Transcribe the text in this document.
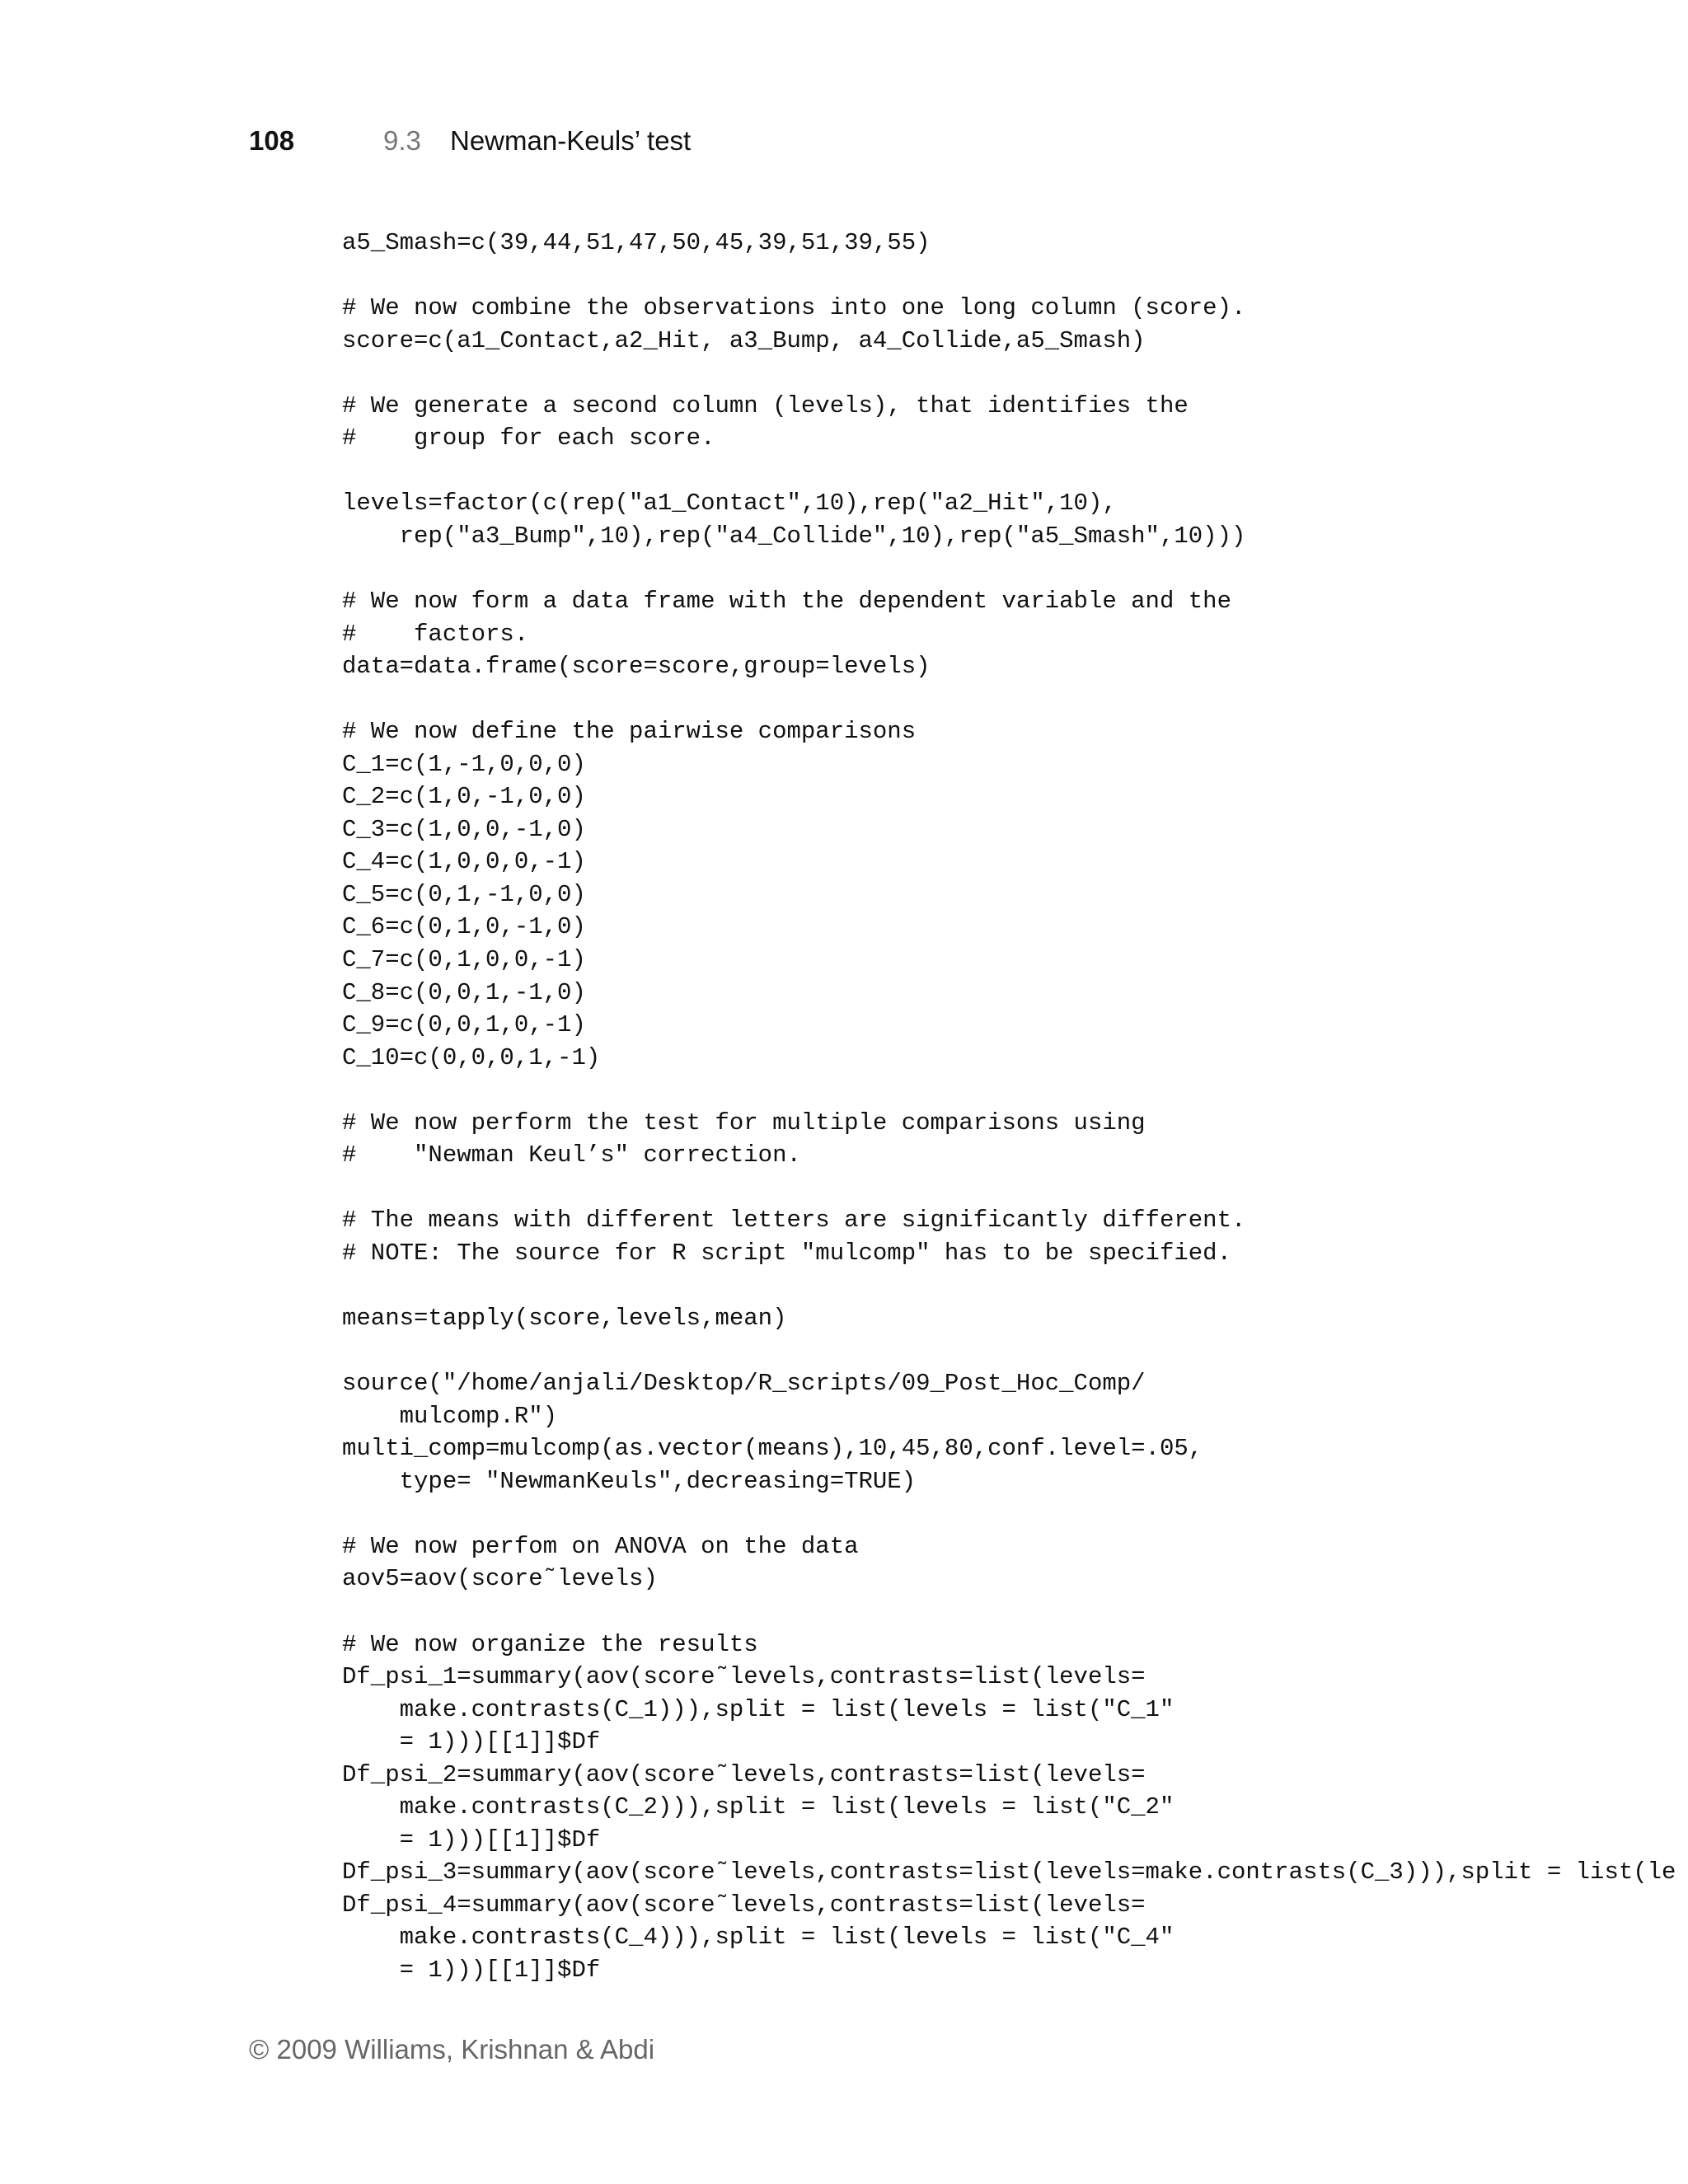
108	9.3 Newman-Keuls’ test
a5_Smash=c(39,44,51,47,50,45,39,51,39,55)
# We now combine the observations into one long column (score).
score=c(a1_Contact,a2_Hit, a3_Bump, a4_Collide,a5_Smash)
# We generate a second column (levels), that identifies the
#    group for each score.
levels=factor(c(rep("a1_Contact",10),rep("a2_Hit",10),
rep("a3_Bump",10),rep("a4_Collide",10),rep("a5_Smash",10)))
# We now form a data frame with the dependent variable and the
#    factors.
data=data.frame(score=score,group=levels)
# We now define the pairwise comparisons
C_1=c(1,-1,0,0,0)
C_2=c(1,0,-1,0,0)
C_3=c(1,0,0,-1,0)
C_4=c(1,0,0,0,-1)
C_5=c(0,1,-1,0,0)
C_6=c(0,1,0,-1,0)
C_7=c(0,1,0,0,-1)
C_8=c(0,0,1,-1,0)
C_9=c(0,0,1,0,-1)
C_10=c(0,0,0,1,-1)
# We now perform the test for multiple comparisons using
#    "Newman Keul’s" correction.
# The means with different letters are significantly different.
# NOTE: The source for R script "mulcomp" has to be specified.
means=tapply(score,levels,mean)
source("/home/anjali/Desktop/R_scripts/09_Post_Hoc_Comp/
mulcomp.R")
multi_comp=mulcomp(as.vector(means),10,45,80,conf.level=.05,
type= "NewmanKeuls",decreasing=TRUE)
# We now perfom on ANOVA on the data
aov5=aov(score˜levels)
# We now organize the results
Df_psi_1=summary(aov(score˜levels,contrasts=list(levels=
make.contrasts(C_1))),split = list(levels = list("C_1"
= 1)))[[1]]$Df
Df_psi_2=summary(aov(score˜levels,contrasts=list(levels=
make.contrasts(C_2))),split = list(levels = list("C_2"
= 1)))[[1]]$Df
Df_psi_3=summary(aov(score˜levels,contrasts=list(levels=make.contrasts(C_3))),split = list(le
Df_psi_4=summary(aov(score˜levels,contrasts=list(levels=
make.contrasts(C_4))),split = list(levels = list("C_4"
= 1)))[[1]]$Df
© 2009 Williams, Krishnan & Abdi
